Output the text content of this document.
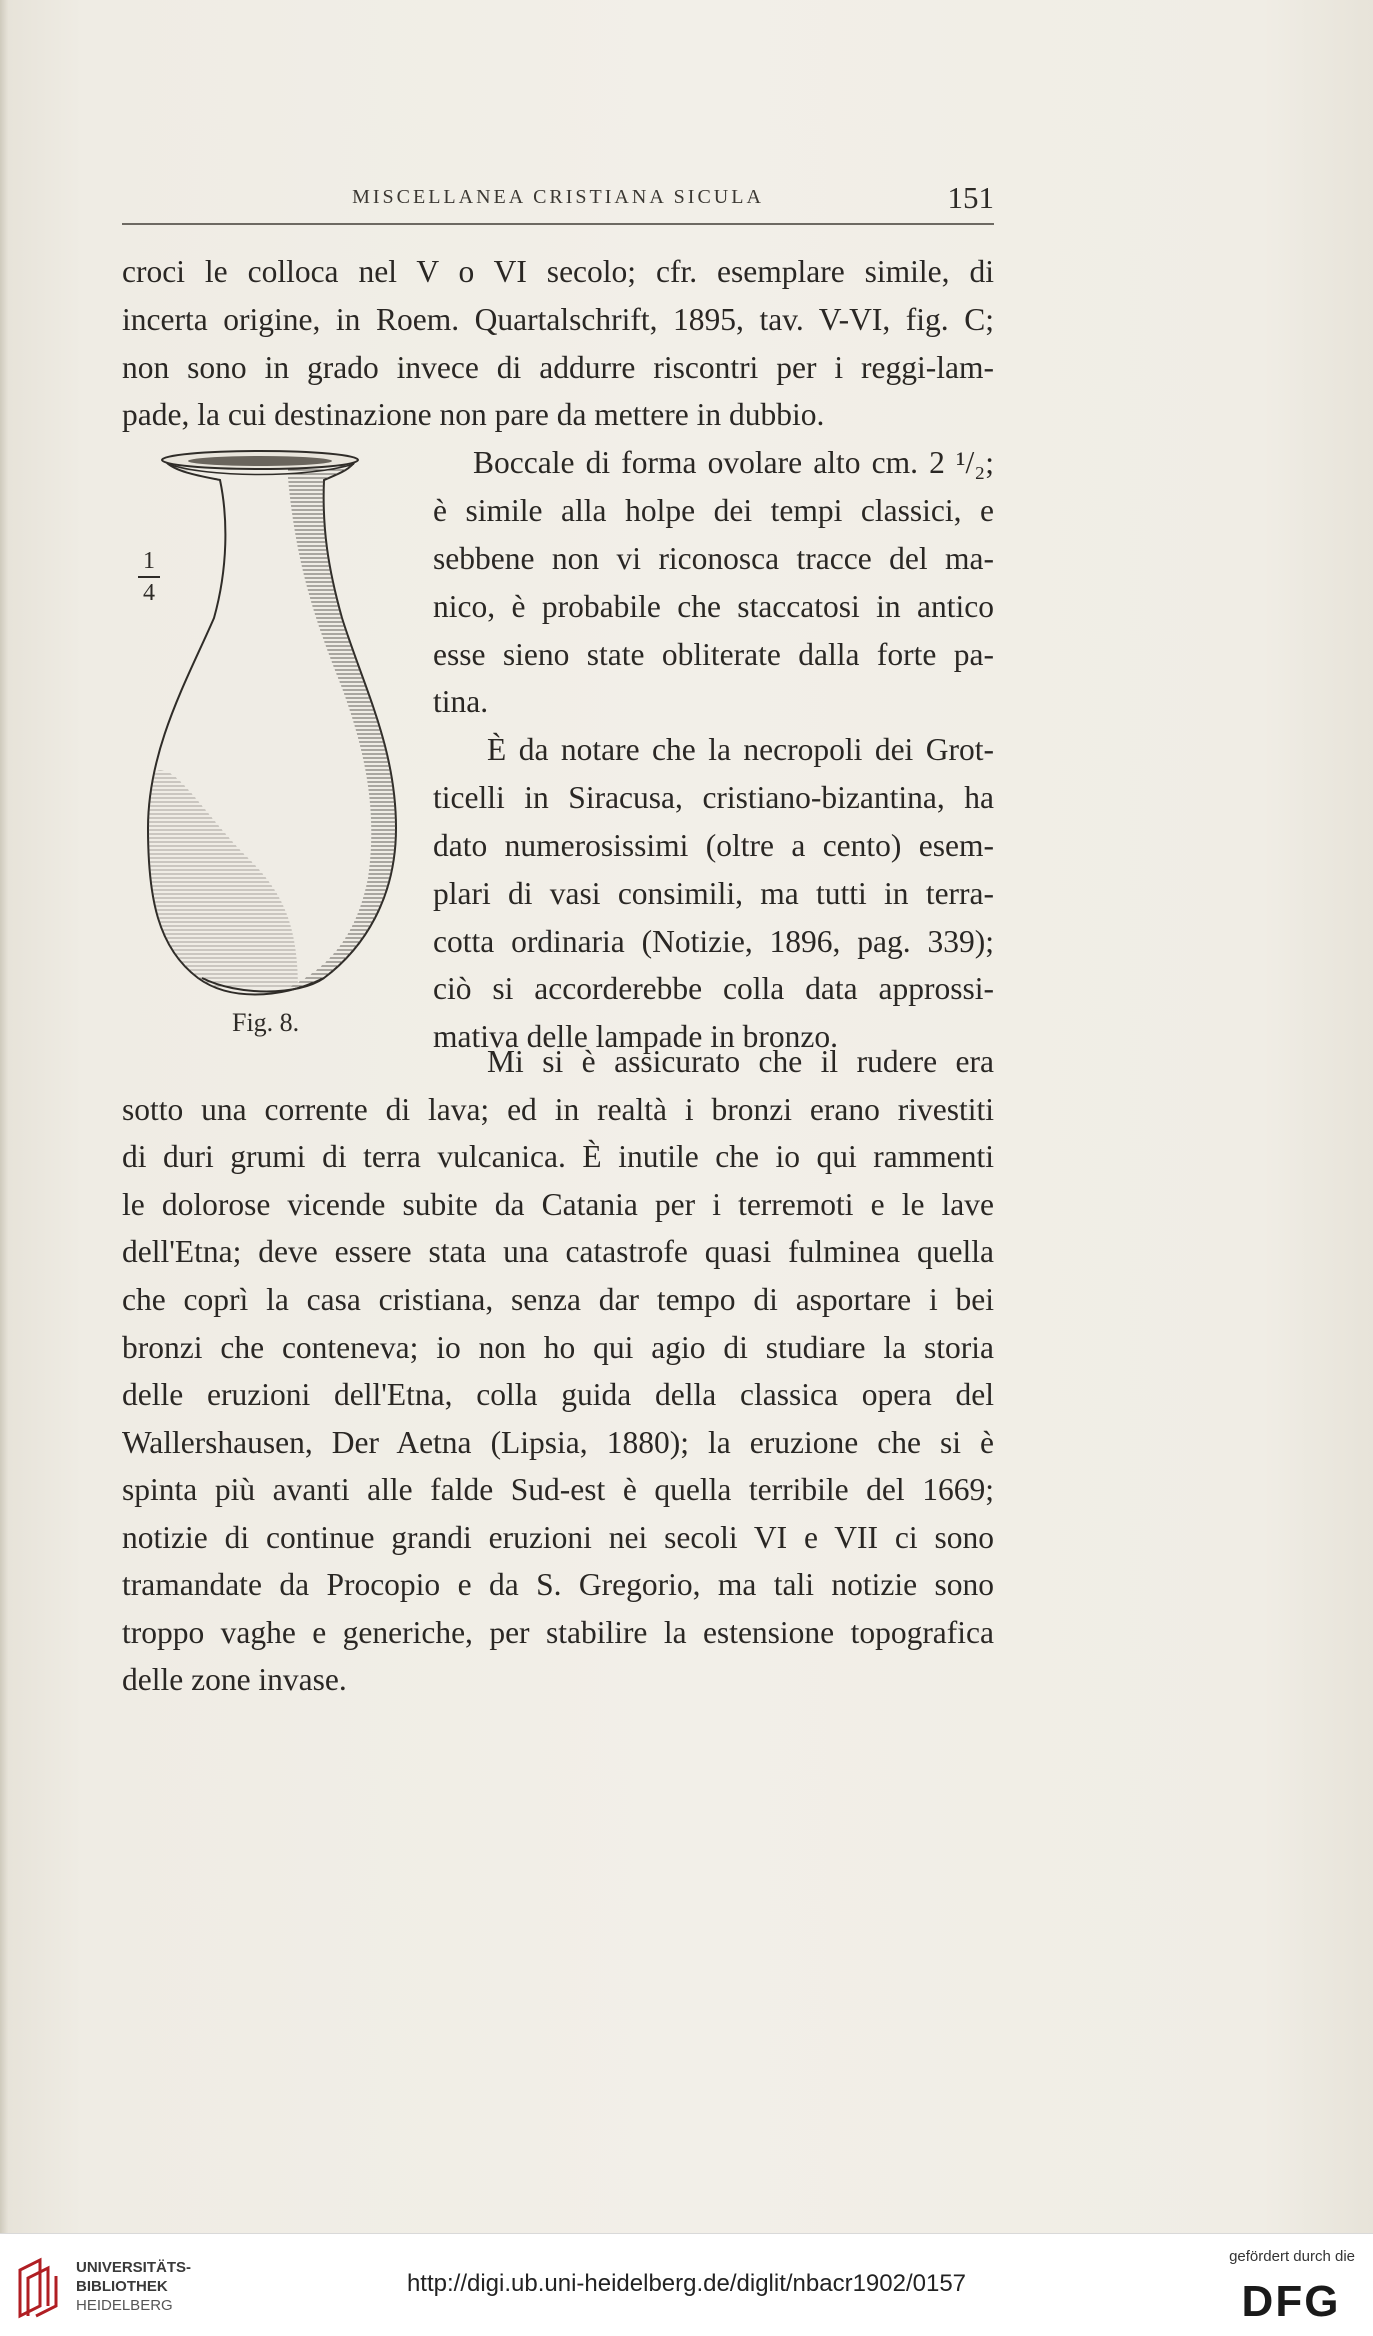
MISCELLANEA CRISTIANA SICULA	151
croci le colloca nel V o VI secolo; cfr. esemplare simile, di
incerta origine, in Roem. Quartalschrift, 1895, tav. V-VI, fig. C;
non sono in grado invece di addurre riscontri per i reggi-lam-
pade, la cui destinazione non pare da mettere in dubbio.
Boccale di forma ovolare alto cm. 2 ¹/₂;
è simile alla holpe dei tempi classici, e
sebbene non vi riconosca tracce del ma-
nico, è probabile che staccatosi in antico
esse sieno state obliterate dalla forte pa-
tina.
È da notare che la necropoli dei Grot-
ticelli in Siracusa, cristiano-bizantina, ha
dato numerosissimi (oltre a cento) esem-
plari di vasi consimili, ma tutti in terra-
cotta ordinaria (Notizie, 1896, pag. 339);
ciò si accorderebbe colla data approssi-
mativa delle lampade in bronzo.
Mi si è assicurato che il rudere era
sotto una corrente di lava; ed in realtà i bronzi erano rivestiti
di duri grumi di terra vulcanica. È inutile che io qui rammenti
le dolorose vicende subite da Catania per i terremoti e le lave
dell'Etna; deve essere stata una catastrofe quasi fulminea quella
che coprì la casa cristiana, senza dar tempo di asportare i bei
bronzi che conteneva; io non ho qui agio di studiare la storia
delle eruzioni dell'Etna, colla guida della classica opera del
Wallershausen, Der Aetna (Lipsia, 1880); la eruzione che si è
spinta più avanti alle falde Sud-est è quella terribile del 1669;
notizie di continue grandi eruzioni nei secoli VI e VII ci sono
tramandate da Procopio e da S. Gregorio, ma tali notizie sono
troppo vaghe e generiche, per stabilire la estensione topografica
delle zone invase.
1
4
Fig. 8.
UNIVERSITÄTS-
BIBLIOTHEK
HEIDELBERG
http://digi.ub.uni-heidelberg.de/diglit/nbacr1902/0157
gefördert durch die
DFG
